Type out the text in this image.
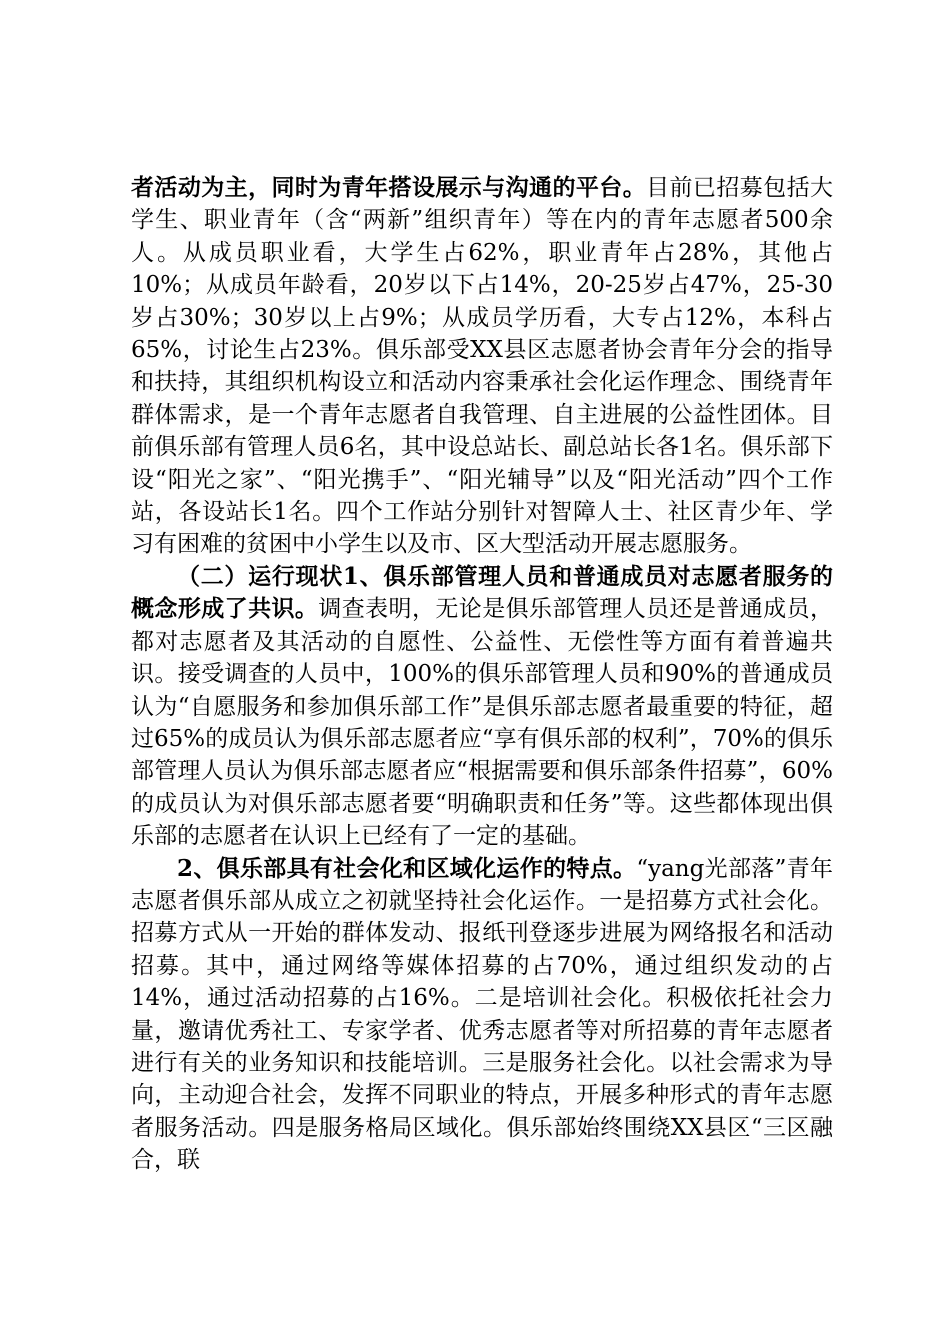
者活动为主，同时为青年搭设展示与沟通的平台。目前已招募包括大学生、职业青年（含“两新”组织青年）等在内的青年志愿者500余人。从成员职业看，大学生占62%，职业青年占28%，其他占10%；从成员年龄看，20岁以下占14%，20-25岁占47%，25-30岁占30%；30岁以上占9%；从成员学历看，大专占12%，本科占65%，讨论生占23%。俱乐部受XX县区志愿者协会青年分会的指导和扶持，其组织机构设立和活动内容秉承社会化运作理念、围绕青年群体需求，是一个青年志愿者自我管理、自主进展的公益性团体。目前俱乐部有管理人员6名，其中设总站长、副总站长各1名。俱乐部下设“阳光之家”、“阳光携手”、“阳光辅导”以及“阳光活动”四个工作站，各设站长1名。四个工作站分别针对智障人士、社区青少年、学习有困难的贫困中小学生以及市、区大型活动开展志愿服务。

（二）运行现状1、俱乐部管理人员和普通成员对志愿者服务的概念形成了共识。调查表明，无论是俱乐部管理人员还是普通成员，都对志愿者及其活动的自愿性、公益性、无偿性等方面有着普遍共识。接受调查的人员中，100%的俱乐部管理人员和90%的普通成员认为“自愿服务和参加俱乐部工作”是俱乐部志愿者最重要的特征，超过65%的成员认为俱乐部志愿者应“享有俱乐部的权利”，70%的俱乐部管理人员认为俱乐部志愿者应“根据需要和俱乐部条件招募”，60%的成员认为对俱乐部志愿者要“明确职责和任务”等。这些都体现出俱乐部的志愿者在认识上已经有了一定的基础。

2、俱乐部具有社会化和区域化运作的特点。“yang光部落”青年志愿者俱乐部从成立之初就坚持社会化运作。一是招募方式社会化。招募方式从一开始的群体发动、报纸刊登逐步进展为网络报名和活动招募。其中，通过网络等媒体招募的占70%，通过组织发动的占14%，通过活动招募的占16%。二是培训社会化。积极依托社会力量，邀请优秀社工、专家学者、优秀志愿者等对所招募的青年志愿者进行有关的业务知识和技能培训。三是服务社会化。以社会需求为导向，主动迎合社会，发挥不同职业的特点，开展多种形式的青年志愿者服务活动。四是服务格局区域化。俱乐部始终围绕XX县区“三区融合，联
